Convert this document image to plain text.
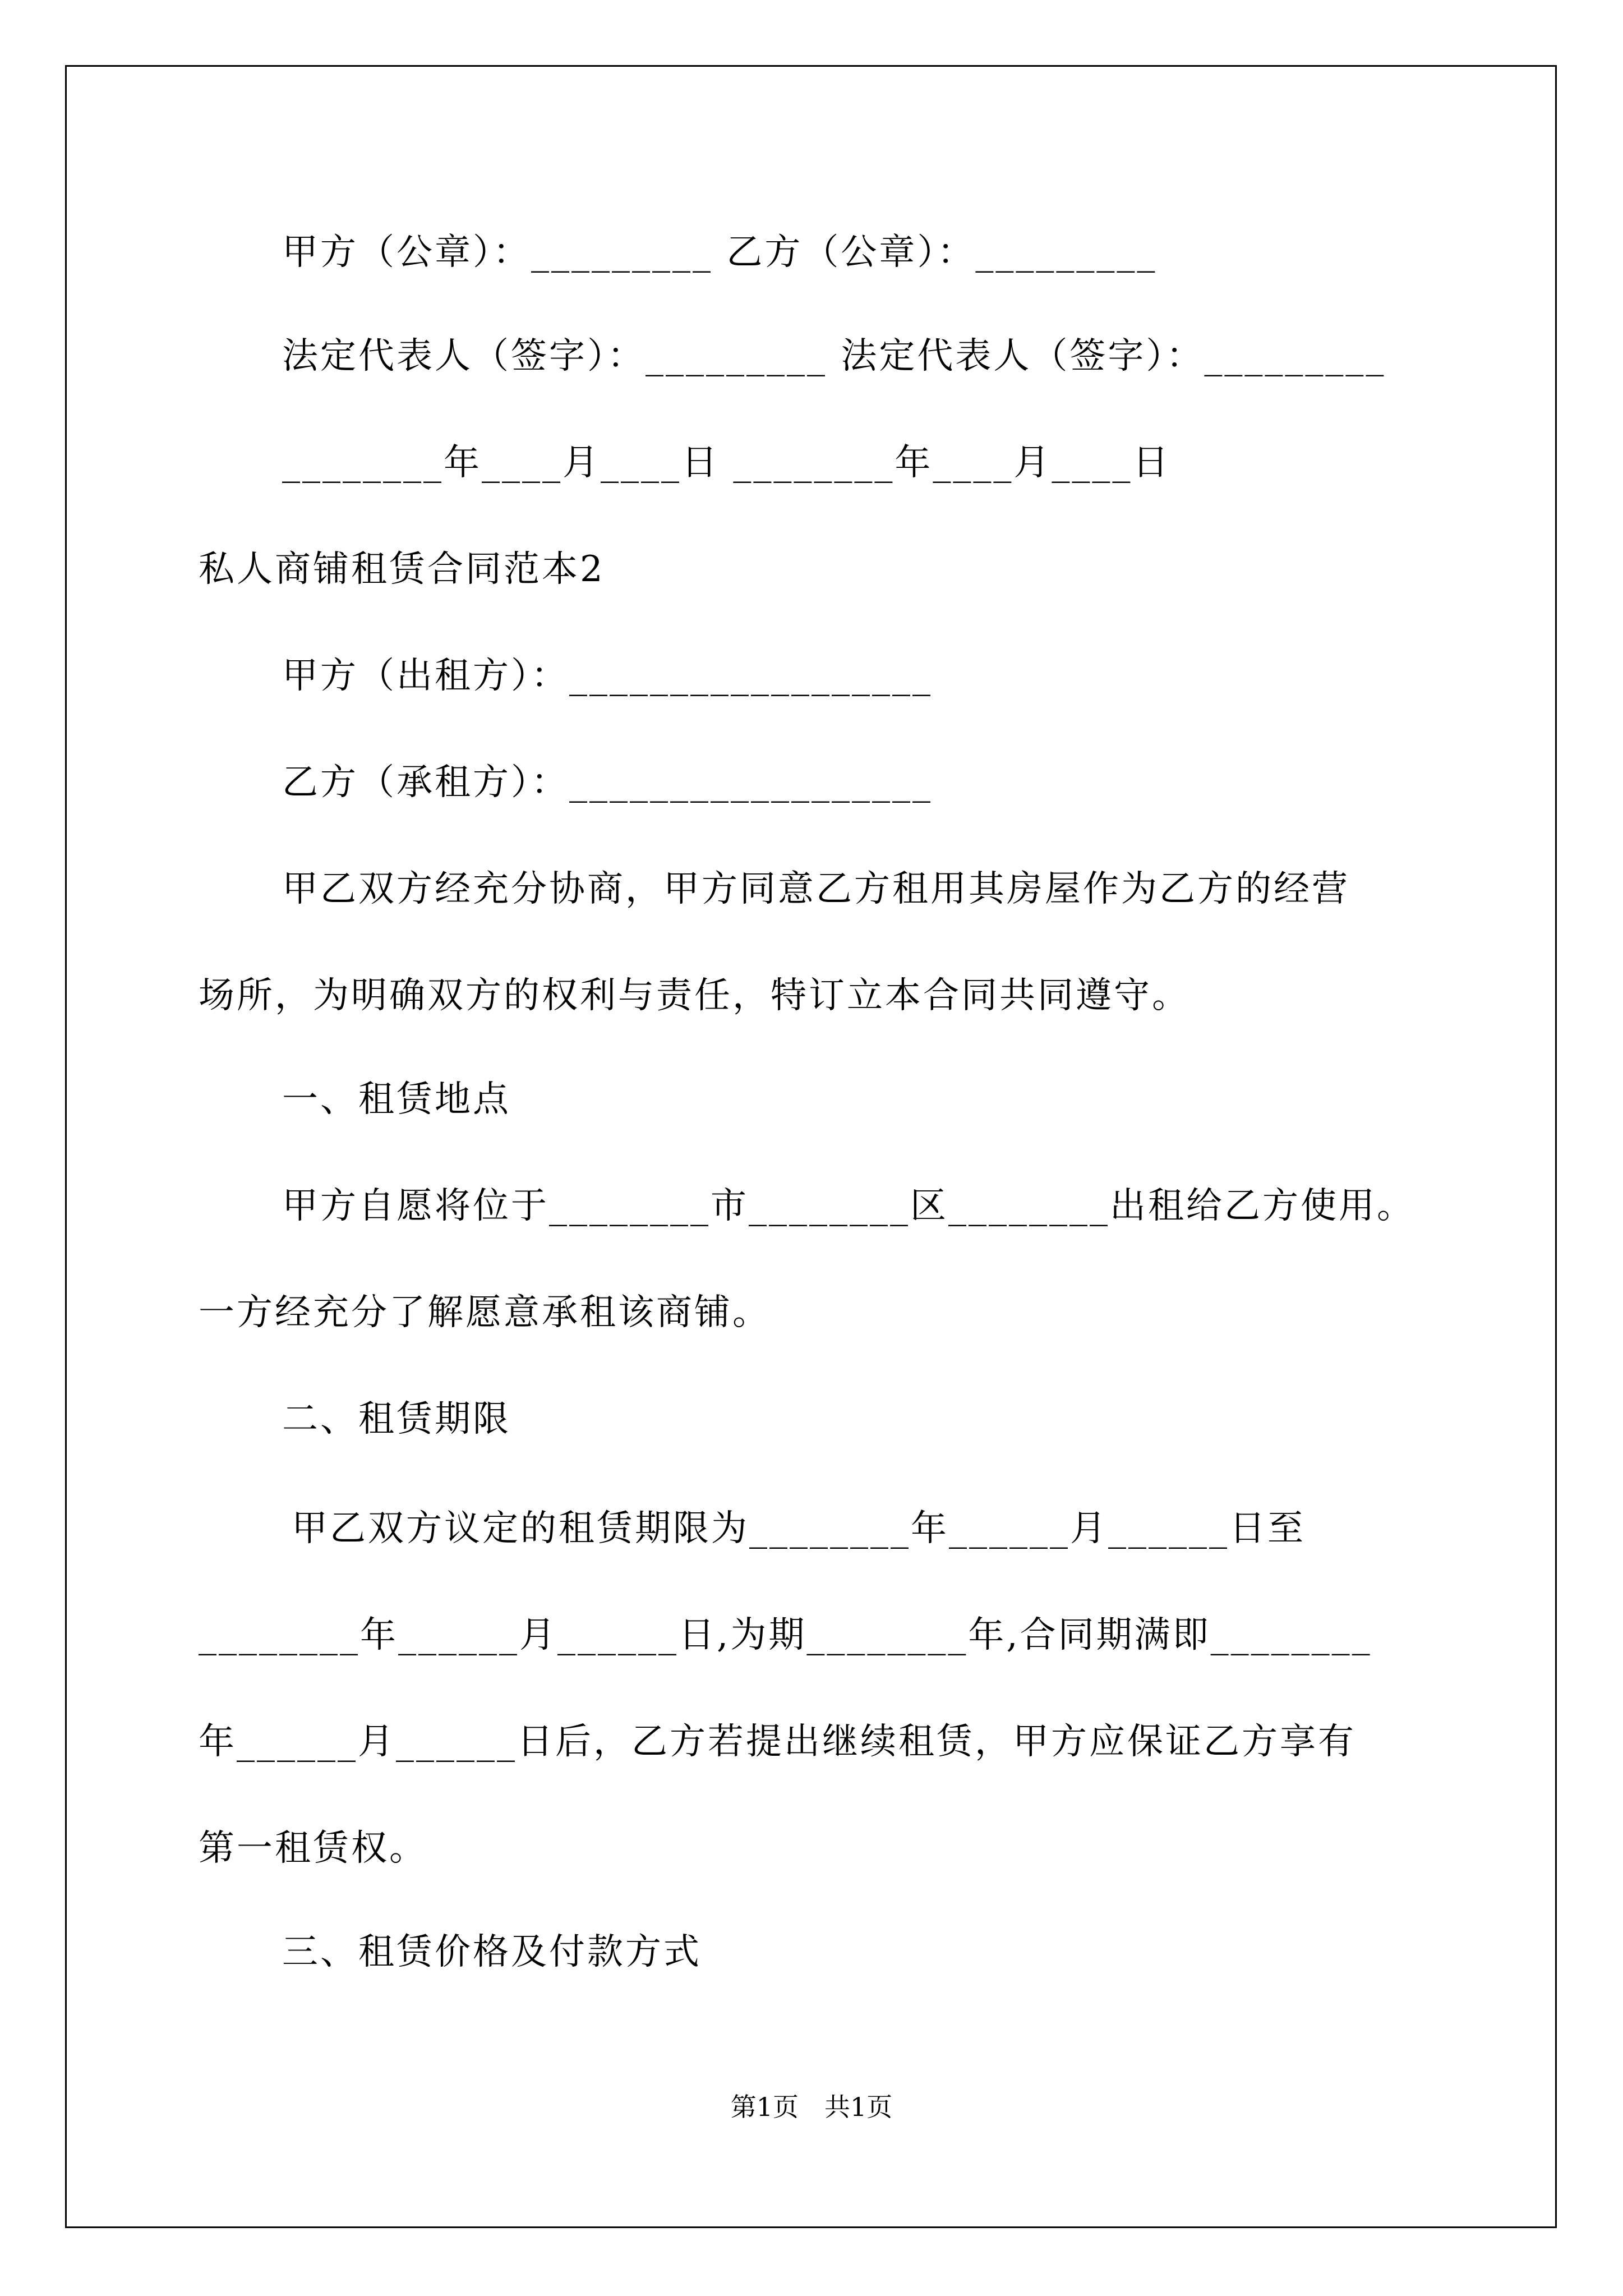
甲方（公章）：_________ 乙方（公章）：_________
法定代表人（签字）：_________ 法定代表人（签字）：_________
________年____月____日 ________年____月____日
私人商铺租赁合同范本2
甲方（出租方）：__________________
乙方（承租方）：__________________
甲乙双方经充分协商，甲方同意乙方租用其房屋作为乙方的经营
场所，为明确双方的权利与责任，特订立本合同共同遵守。
一、租赁地点
甲方自愿将位于________市________区________出租给乙方使用。
一方经充分了解愿意承租该商铺。
二、租赁期限
甲乙双方议定的租赁期限为________年______月______日至
________年______月______日,为期________年,合同期满即________
年______月______日后，乙方若提出继续租赁，甲方应保证乙方享有
第一租赁权。
三、租赁价格及付款方式
第1页　共1页
